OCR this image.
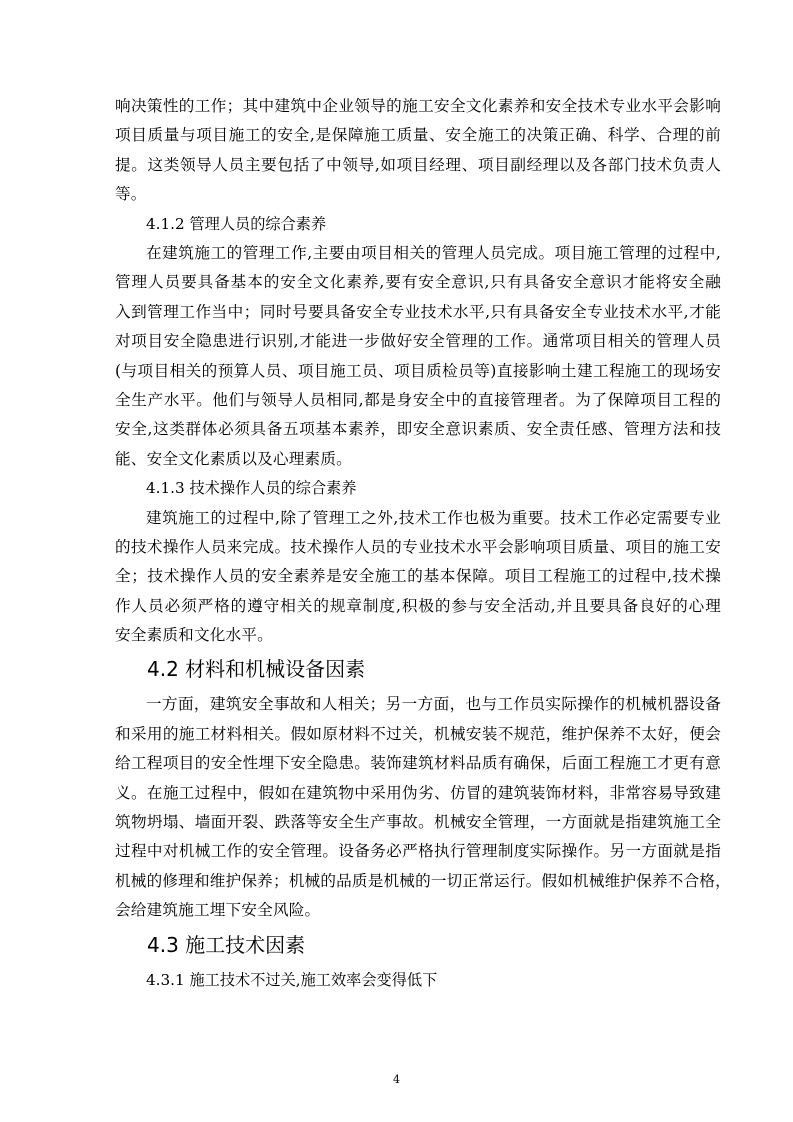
响决策性的工作；其中建筑中企业领导的施工安全文化素养和安全技术专业水平会影响
项目质量与项目施工的安全,是保障施工质量、安全施工的决策正确、科学、合理的前
提。这类领导人员主要包括了中领导,如项目经理、项目副经理以及各部门技术负责人
等。
4.1.2 管理人员的综合素养
在建筑施工的管理工作,主要由项目相关的管理人员完成。项目施工管理的过程中,
管理人员要具备基本的安全文化素养,要有安全意识,只有具备安全意识才能将安全融
入到管理工作当中；同时号要具备安全专业技术水平,只有具备安全专业技术水平,才能
对项目安全隐患进行识别,才能进一步做好安全管理的工作。通常项目相关的管理人员
(与项目相关的预算人员、项目施工员、项目质检员等)直接影响土建工程施工的现场安
全生产水平。他们与领导人员相同,都是身安全中的直接管理者。为了保障项目工程的
安全,这类群体必须具备五项基本素养，即安全意识素质、安全责任感、管理方法和技
能、安全文化素质以及心理素质。
4.1.3 技术操作人员的综合素养
建筑施工的过程中,除了管理工之外,技术工作也极为重要。技术工作必定需要专业
的技术操作人员来完成。技术操作人员的专业技术水平会影响项目质量、项目的施工安
全；技术操作人员的安全素养是安全施工的基本保障。项目工程施工的过程中,技术操
作人员必须严格的遵守相关的规章制度,积极的参与安全活动,并且要具备良好的心理
安全素质和文化水平。
4.2 材料和机械设备因素
一方面，建筑安全事故和人相关；另一方面，也与工作员实际操作的机械机器设备
和采用的施工材料相关。假如原材料不过关，机械安装不规范，维护保养不太好，便会
给工程项目的安全性埋下安全隐患。装饰建筑材料品质有确保，后面工程施工才更有意
义。在施工过程中，假如在建筑物中采用伪劣、仿冒的建筑装饰材料，非常容易导致建
筑物坍塌、墙面开裂、跌落等安全生产事故。机械安全管理，一方面就是指建筑施工全
过程中对机械工作的安全管理。设备务必严格执行管理制度实际操作。另一方面就是指
机械的修理和维护保养；机械的品质是机械的一切正常运行。假如机械维护保养不合格，
会给建筑施工埋下安全风险。
4.3 施工技术因素
4.3.1 施工技术不过关,施工效率会变得低下
4
